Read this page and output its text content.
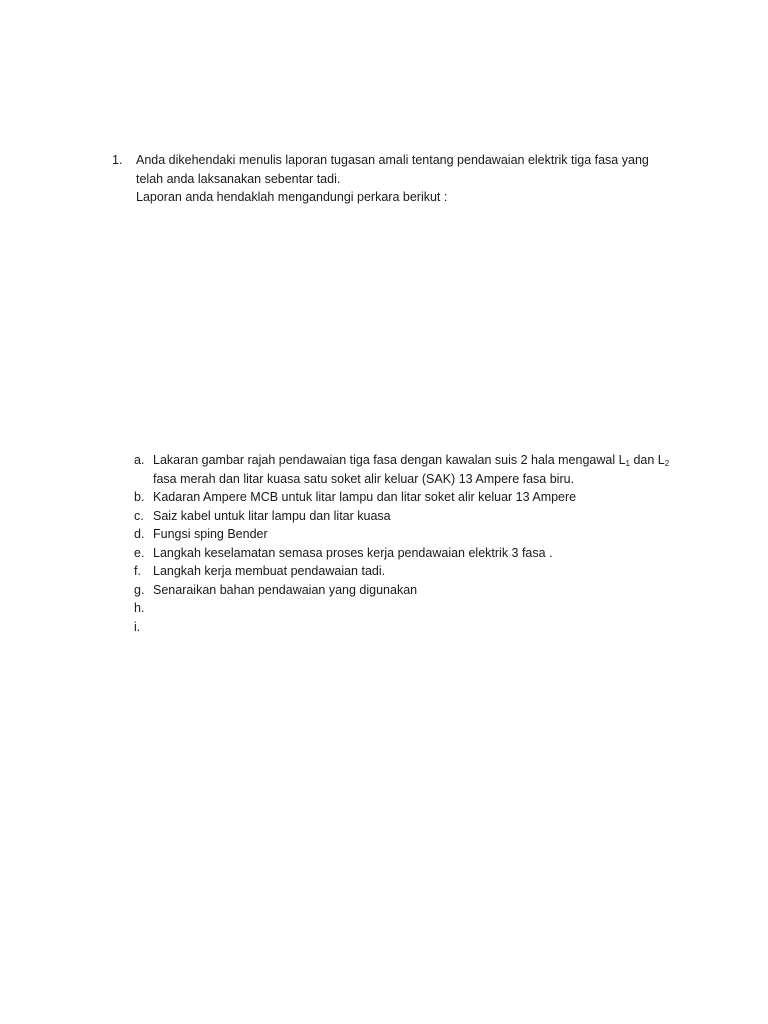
1.	Anda dikehendaki menulis laporan tugasan amali tentang pendawaian elektrik tiga fasa yang
telah anda laksanakan sebentar tadi.
Laporan anda hendaklah mengandungi perkara berikut :
a. Lakaran gambar rajah pendawaian tiga fasa dengan kawalan suis 2 hala mengawal $L_1$ dan $L_2$
fasa merah dan litar kuasa satu soket alir keluar (SAK) 13 Ampere fasa biru.
b. Kadaran Ampere MCB untuk litar lampu dan litar soket alir keluar 13 Ampere
c. Saiz kabel untuk litar lampu dan litar kuasa
d. Fungsi sping Bender
e. Langkah keselamatan semasa proses kerja pendawaian elektrik 3 fasa .
f. Langkah kerja membuat pendawaian tadi.
g. Senaraikan bahan pendawaian yang digunakan
h.
i.
